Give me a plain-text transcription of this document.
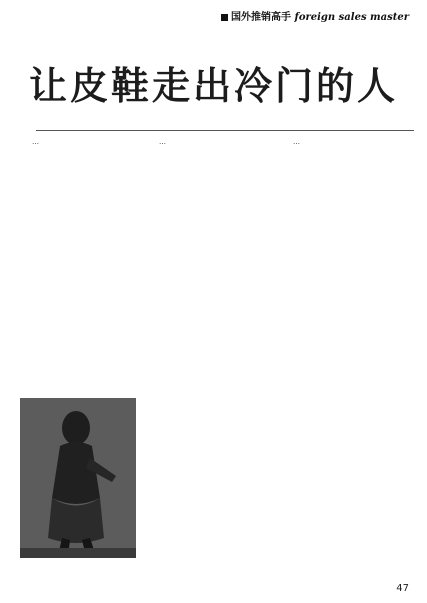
国外推销高手 foreign sales master
让皮鞋走出冷门的人

…	…	…

47
